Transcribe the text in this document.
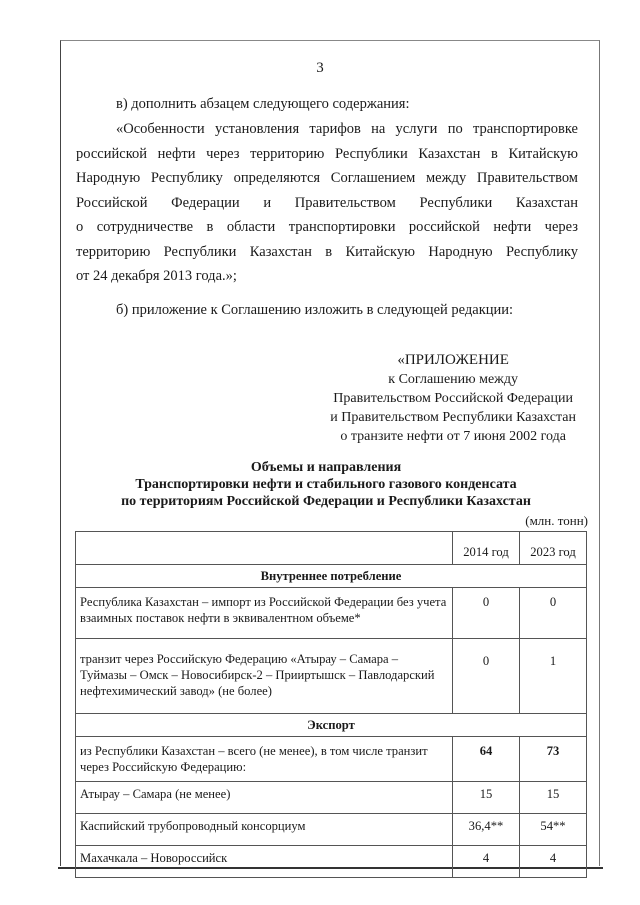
3
в) дополнить абзацем следующего содержания:
«Особенности установления тарифов на услуги по транспортировке
российской нефти через территорию Республики Казахстан в Китайскую
Народную Республику определяются Соглашением между Правительством
Российской Федерации и Правительством Республики Казахстан
о сотрудничестве в области транспортировки российской нефти через
территорию Республики Казахстан в Китайскую Народную Республику
от 24 декабря 2013 года.»;
б) приложение к Соглашению изложить в следующей редакции:
«ПРИЛОЖЕНИЕ
к Соглашению между
Правительством Российской Федерации
и Правительством Республики Казахстан
о транзите нефти от 7 июня 2002 года
Объемы и направления
Транспортировки нефти и стабильного газового конденсата
по территориям Российской Федерации и Республики Казахстан
(млн. тонн)
	2014 год	2023 год
Внутреннее потребление		
Республика Казахстан – импорт из Российской Федерации без учета взаимных поставок нефти в эквивалентном объеме*	0	0
транзит через Российскую Федерацию «Атырау – Самара – Туймазы – Омск – Новосибирск-2 – Прииртышск – Павлодарский нефтехимический завод» (не более)	0	1
Экспорт		
из Республики Казахстан – всего (не менее), в том числе транзит через Российскую Федерацию:	64	73
Атырау – Самара (не менее)	15	15
Каспийский трубопроводный консорциум	36,4**	54**
Махачкала – Новороссийск	4	4
